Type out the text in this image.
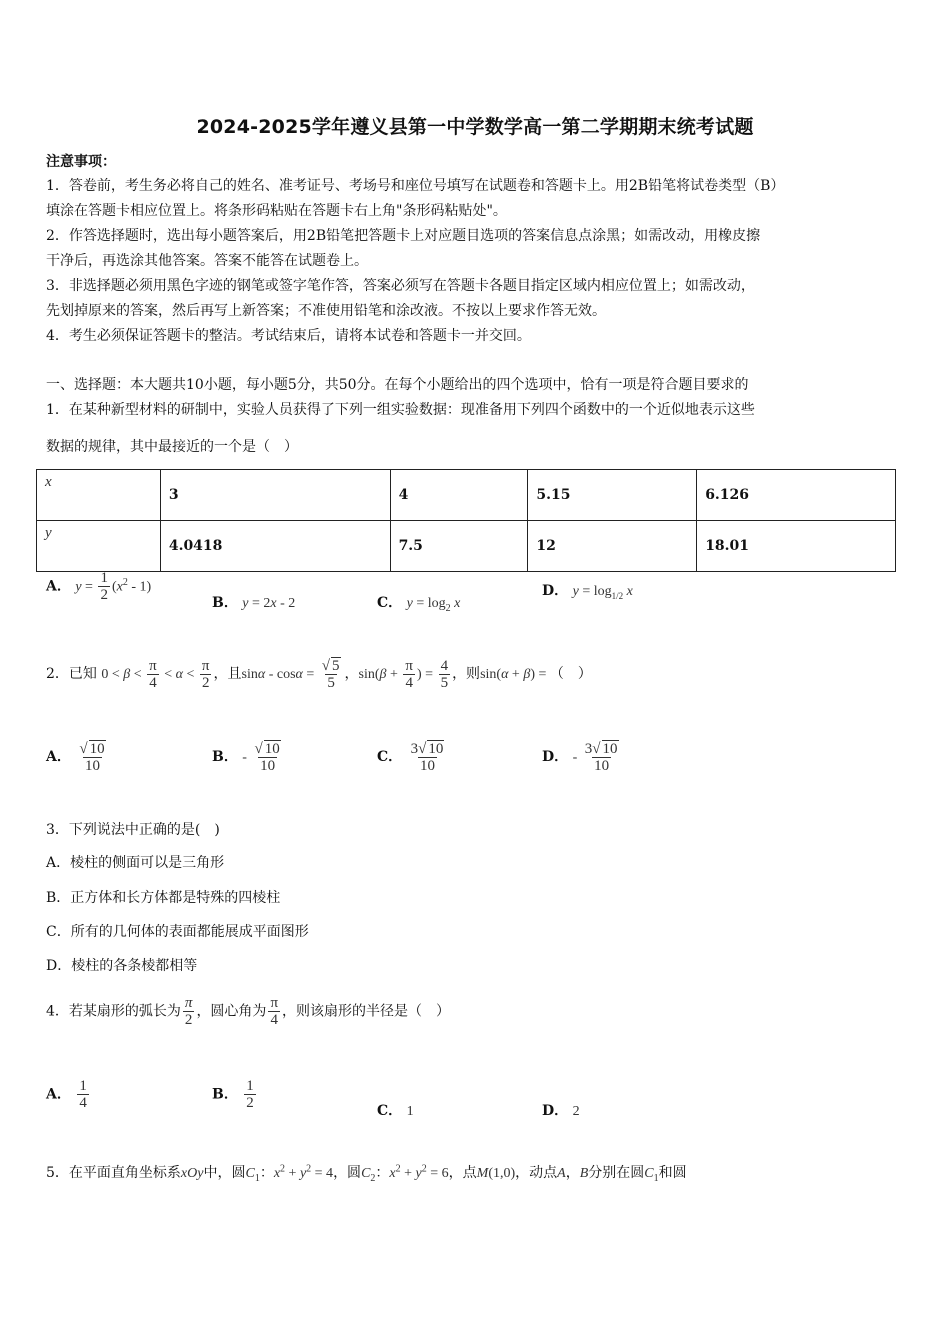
2024-2025学年遵义县第一中学数学高一第二学期期末统考试题
注意事项：
1．答卷前，考生务必将自己的姓名、准考证号、考场号和座位号填写在试题卷和答题卡上。用2B铅笔将试卷类型（B）
填涂在答题卡相应位置上。将条形码粘贴在答题卡右上角"条形码粘贴处"。
2．作答选择题时，选出每小题答案后，用2B铅笔把答题卡上对应题目选项的答案信息点涂黑；如需改动，用橡皮擦
干净后，再选涂其他答案。答案不能答在试题卷上。
3．非选择题必须用黑色字迹的钢笔或签字笔作答，答案必须写在答题卡各题目指定区域内相应位置上；如需改动，
先划掉原来的答案，然后再写上新答案；不准使用铅笔和涂改液。不按以上要求作答无效。
4．考生必须保证答题卡的整洁。考试结束后，请将本试卷和答题卡一并交回。
一、选择题：本大题共10小题，每小题5分，共50分。在每个小题给出的四个选项中，恰有一项是符合题目要求的
1．在某种新型材料的研制中，实验人员获得了下列一组实验数据：现准备用下列四个函数中的一个近似地表示这些
数据的规律，其中最接近的一个是（　）
x	3	4	5.15	6.126
y	4.0418	7.5	12	18.01
A． $y = \frac{1}{2} (x^2 - 1)$
B． y = 2x - 2	C． $y = \log_2 x$
D． $y = \log_{1/2} x$
2．已知 $0 < \beta < \frac{\pi}{4} < \alpha < \frac{\pi}{2}$ ，且$\sin\alpha - \cos\alpha = \frac{√ 5}{5}$ ，$\sin(\beta + \frac{\pi}{4}$ ) = $\frac{4}{5}$ ，则sin(α + β) = （　）
A． $\frac{√ 10}{10}$	B． - $\frac{√ 10}{10}$	C． $\frac{3√ 10}{10}$	D． - $\frac{3√ 10}{10}$
3．下列说法中正确的是(　)
A．棱柱的侧面可以是三角形
B．正方体和长方体都是特殊的四棱柱
C．所有的几何体的表面都能展成平面图形
D．棱柱的各条棱都相等
4．若某扇形的弧长为 $\frac{\pi}{2}$ ，圆心角为 $\frac{\pi}{4}$ ，则该扇形的半径是（　）
A． $\frac{1}{4}$	B． $\frac{1}{2}$	C． 1	D． 2
5．在平面直角坐标系xOy中，圆$C_1$：$x^2 + y^2 = 4$，圆$C_2$：$x^2 + y^2 = 6$，点M(1,0)，动点A，B分别在圆$C_1$和圆
